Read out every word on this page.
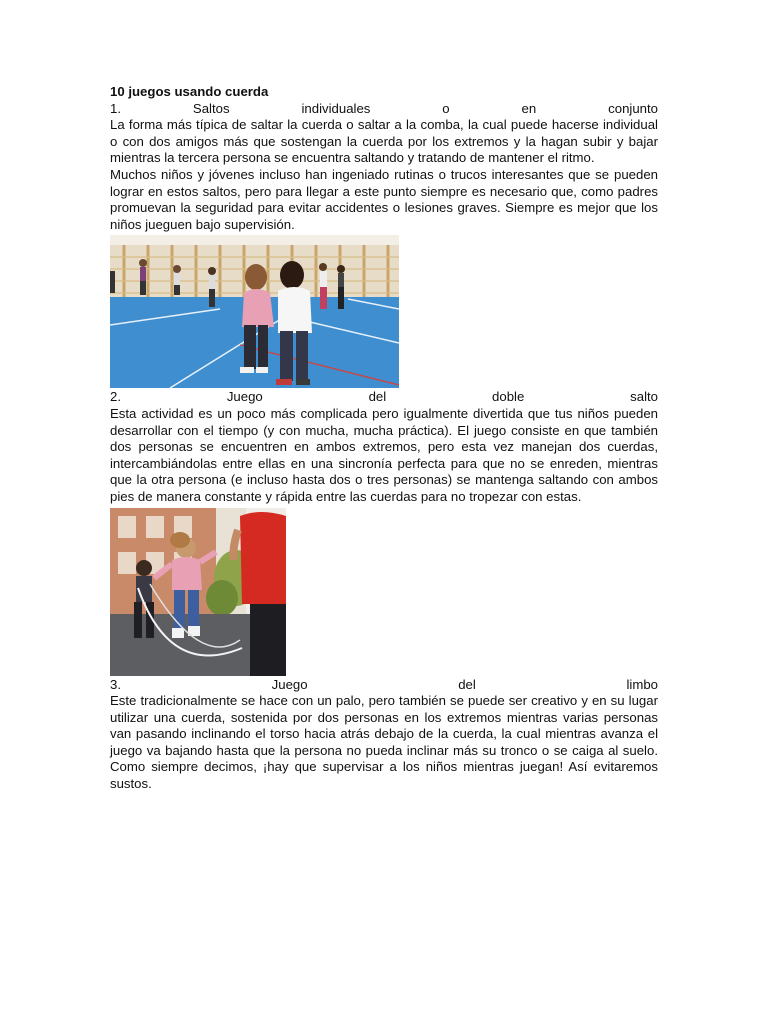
10 juegos usando cuerda

1. Saltos individuales o en conjunto

La forma más típica de saltar la cuerda o saltar a la comba, la cual puede hacerse individual o con dos amigos más que sostengan la cuerda por los extremos y la hagan subir y bajar mientras la tercera persona se encuentra saltando y tratando de mantener el ritmo.

Muchos niños y jóvenes incluso han ingeniado rutinas o trucos interesantes que se pueden lograr en estos saltos, pero para llegar a este punto siempre es necesario que, como padres promuevan la seguridad para evitar accidentes o lesiones graves. Siempre es mejor que los niños jueguen bajo supervisión.

2. Juego del doble salto

Esta actividad es un poco más complicada pero igualmente divertida que tus niños pueden desarrollar con el tiempo (y con mucha, mucha práctica). El juego consiste en que también dos personas se encuentren en ambos extremos, pero esta vez manejan dos cuerdas, intercambiándolas entre ellas en una sincronía perfecta para que no se enreden, mientras que la otra persona (e incluso hasta dos o tres personas) se mantenga saltando con ambos pies de manera constante y rápida entre las cuerdas para no tropezar con estas.

3. Juego del limbo

Este tradicionalmente se hace con un palo, pero también se puede ser creativo y en su lugar utilizar una cuerda, sostenida por dos personas en los extremos mientras varias personas van pasando inclinando el torso hacia atrás debajo de la cuerda, la cual mientras avanza el juego va bajando hasta que la persona no pueda inclinar más su tronco o se caiga al suelo. Como siempre decimos, ¡hay que supervisar a los niños mientras juegan! Así evitaremos sustos.
